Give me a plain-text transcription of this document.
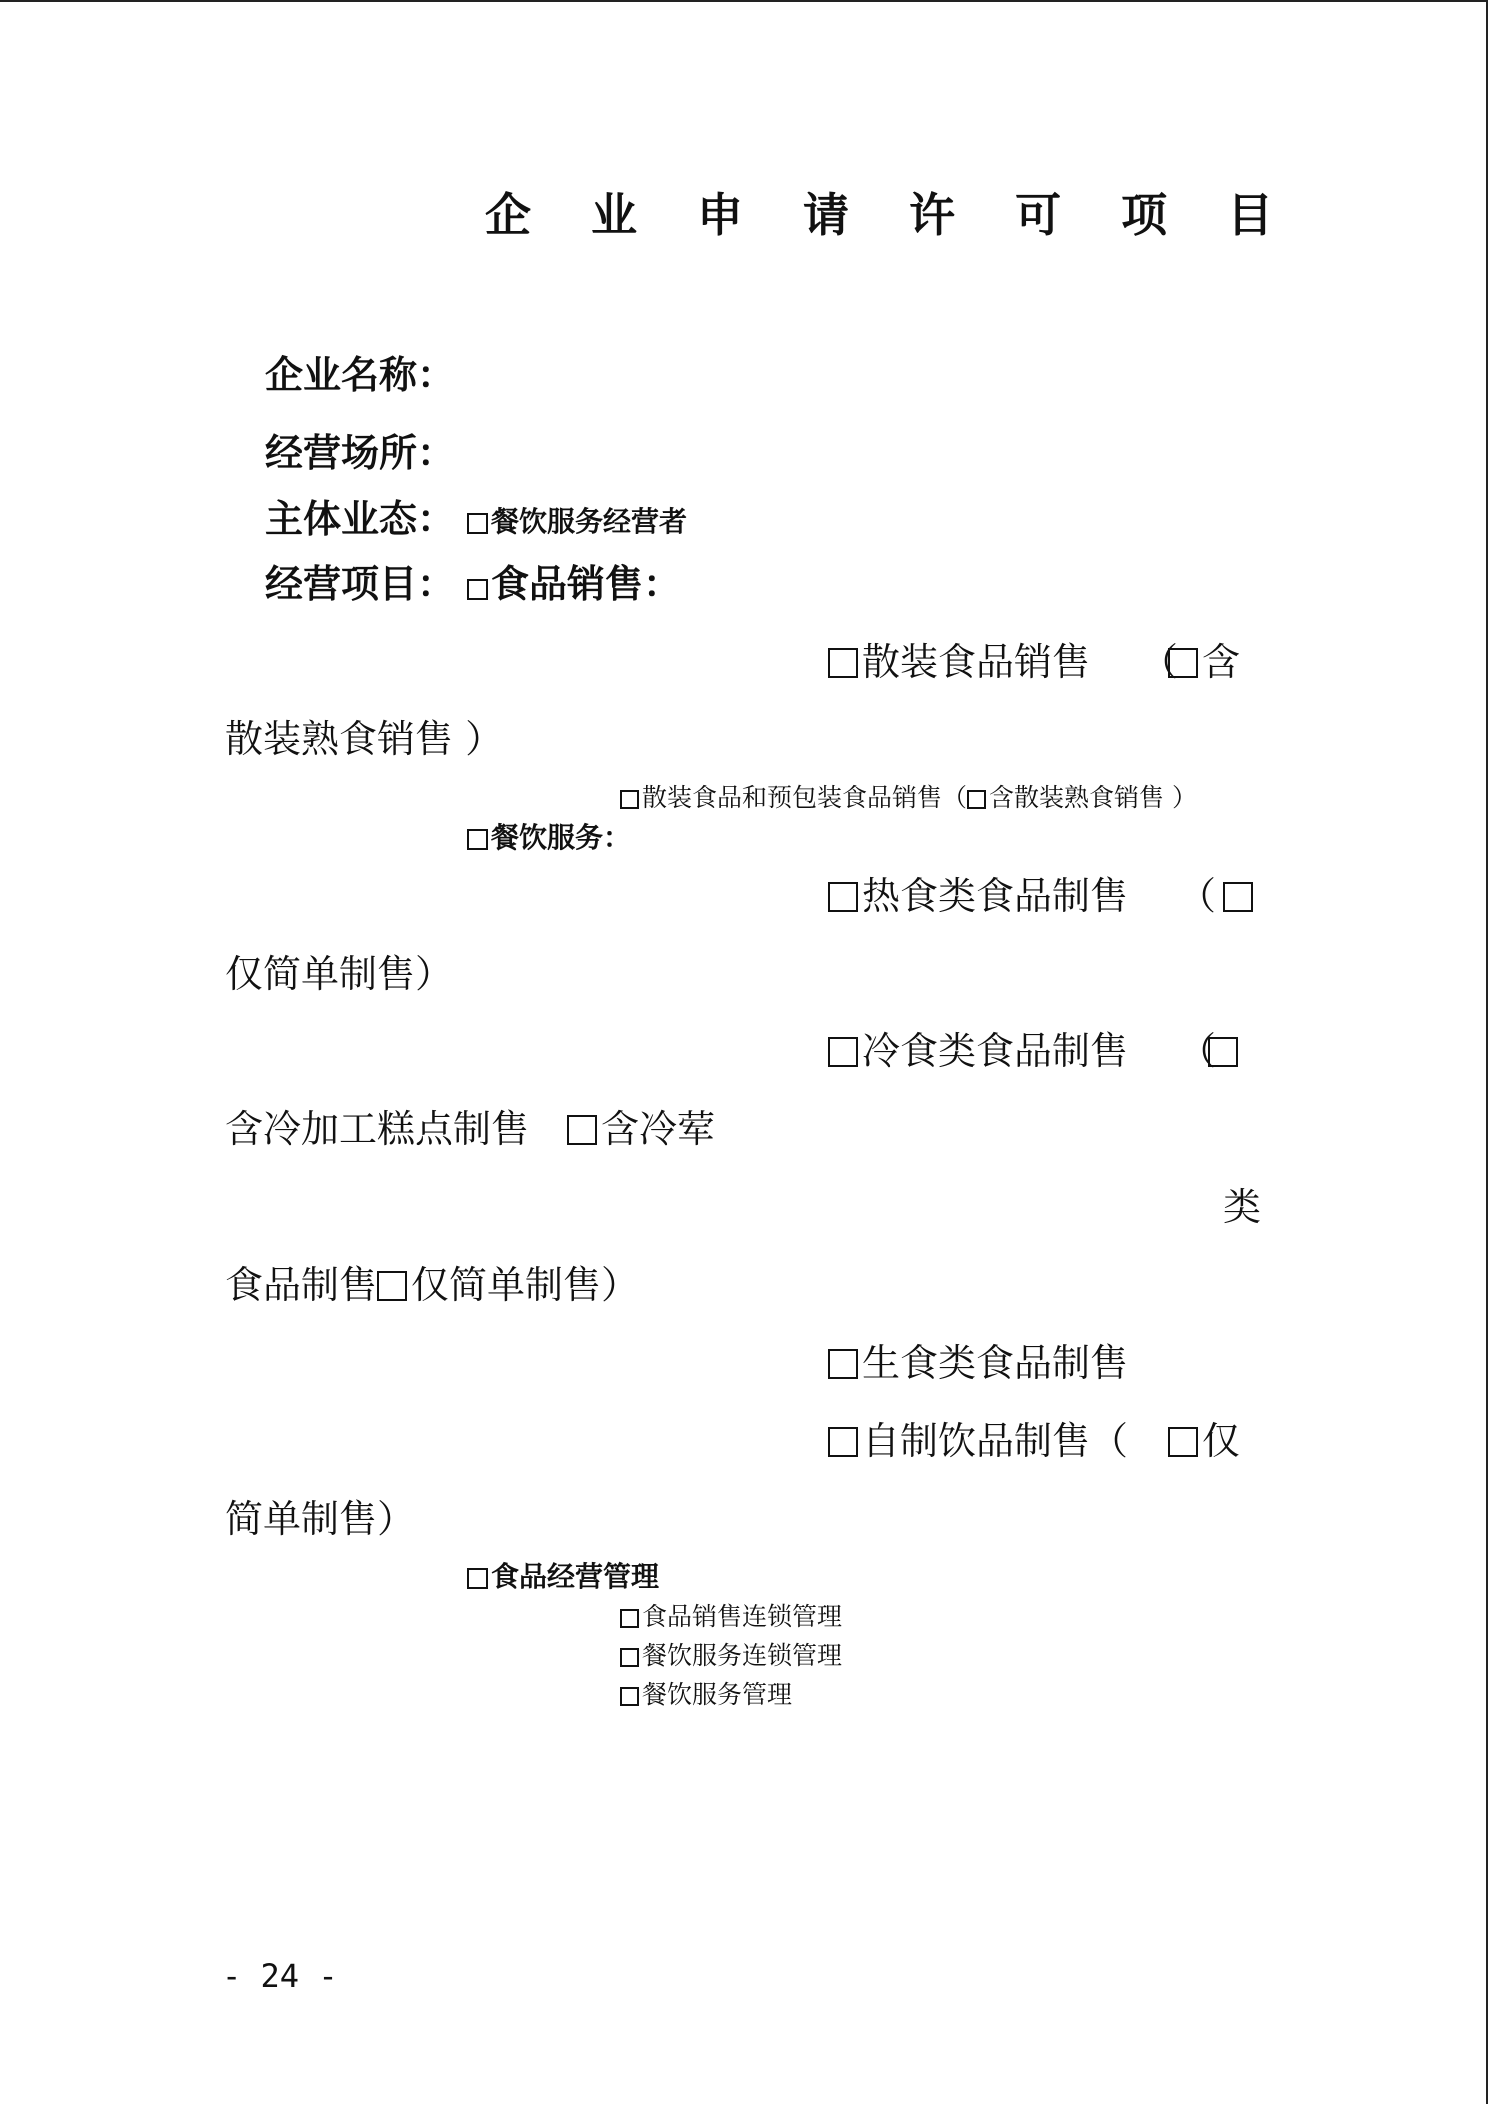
企 业 申 请 许 可 项 目
企业名称：
经营场所：
主体业态：	餐饮服务经营者
经营项目： 食品销售：
散装食品销售 （ 含
散装熟食销售 ）
散装食品和预包装食品销售（ 含散装熟食销售 ）
餐饮服务：
热食类食品制售 （
仅简单制售）
冷食类食品制售 （
含冷加工糕点制售	含冷荤
类
食品制售 仅简单制售）
生食类食品制售
自制饮品制售（	仅
简单制售）
食品经营管理
食品销售连锁管理
餐饮服务连锁管理
餐饮服务管理
- 24 -
